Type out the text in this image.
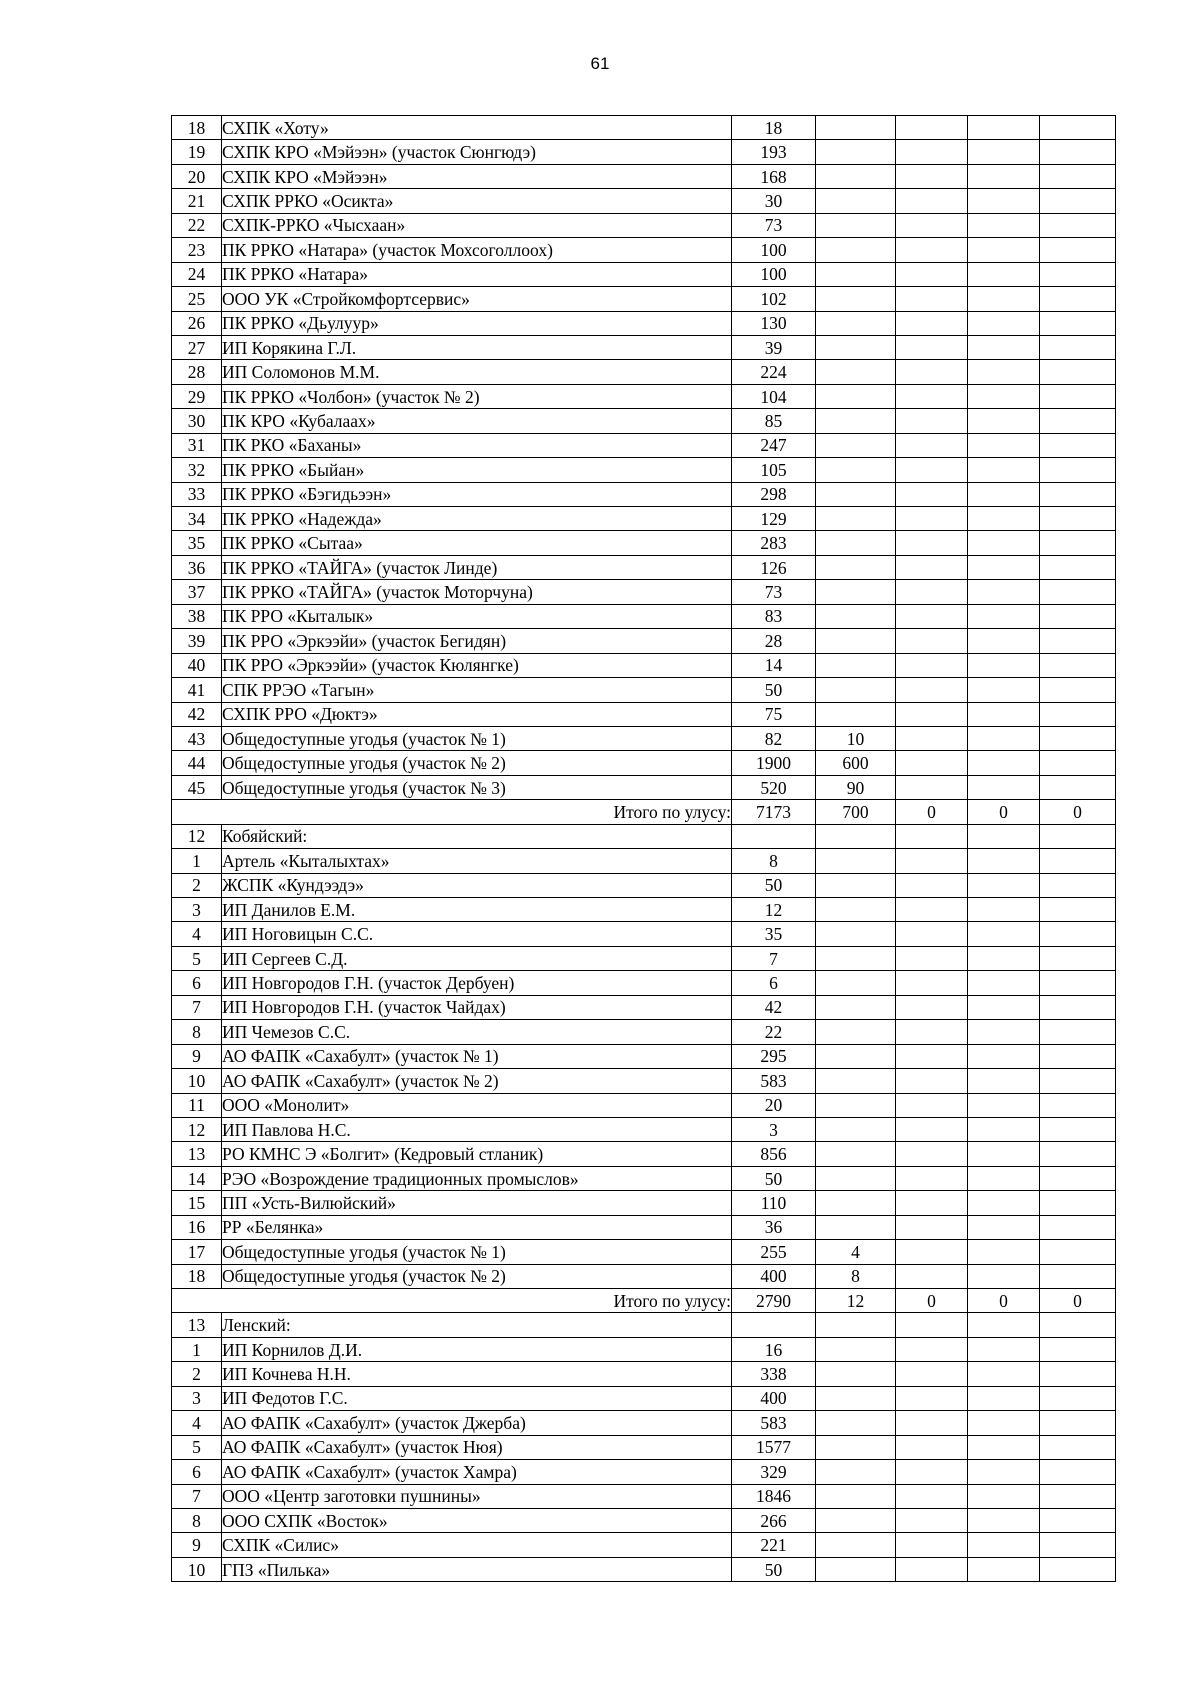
61
18	СХПК «Хоту»	18				
19	СХПК КРО «Мэйээн» (участок Сюнгюдэ)	193				
20	СХПК КРО «Мэйээн»	168				
21	СХПК РРКО «Осикта»	30				
22	СХПК-РРКО «Чысхаан»	73				
23	ПК РРКО «Натара» (участок Мохсоголлоох)	100				
24	ПК РРКО «Натара»	100				
25	ООО УК «Стройкомфортсервис»	102				
26	ПК РРКО «Дьулуур»	130				
27	ИП Корякина Г.Л.	39				
28	ИП Соломонов М.М.	224				
29	ПК РРКО «Чолбон» (участок № 2)	104				
30	ПК КРО «Кубалаах»	85				
31	ПК РКО «Баханы»	247				
32	ПК РРКО «Быйан»	105				
33	ПК РРКО «Бэгидьээн»	298				
34	ПК РРКО «Надежда»	129				
35	ПК РРКО «Сытаа»	283				
36	ПК РРКО «ТАЙГА» (участок Линде)	126				
37	ПК РРКО «ТАЙГА» (участок Моторчуна)	73				
38	ПК РРО «Кыталык»	83				
39	ПК РРО «Эркээйи» (участок Бегидян)	28				
40	ПК РРО «Эркээйи» (участок Кюлянгке)	14				
41	СПК РРЭО «Тагын»	50				
42	СХПК РРО «Дюктэ»	75				
43	Общедоступные угодья (участок № 1)	82	10			
44	Общедоступные угодья (участок № 2)	1900	600			
45	Общедоступные угодья (участок № 3)	520	90			
Итого по улусу:		7173	700	0	0	0
12	Кобяйский:					
1	Артель «Кыталыхтах»	8				
2	ЖСПК «Кундээдэ»	50				
3	ИП Данилов Е.М.	12				
4	ИП Ноговицын С.С.	35				
5	ИП Сергеев С.Д.	7				
6	ИП Новгородов Г.Н. (участок Дербуен)	6				
7	ИП Новгородов Г.Н. (участок Чайдах)	42				
8	ИП Чемезов С.С.	22				
9	АО ФАПК «Сахабулт» (участок № 1)	295				
10	АО ФАПК «Сахабулт» (участок № 2)	583				
11	ООО «Монолит»	20				
12	ИП Павлова Н.С.	3				
13	РО КМНС Э «Болгит» (Кедровый стланик)	856				
14	РЭО «Возрождение традиционных промыслов»	50				
15	ПП «Усть-Вилюйский»	110				
16	РР «Белянка»	36				
17	Общедоступные угодья (участок № 1)	255	4			
18	Общедоступные угодья (участок № 2)	400	8			
Итого по улусу:		2790	12	0	0	0
13	Ленский:					
1	ИП Корнилов Д.И.	16				
2	ИП Кочнева Н.Н.	338				
3	ИП Федотов Г.С.	400				
4	АО ФАПК «Сахабулт» (участок Джерба)	583				
5	АО ФАПК «Сахабулт» (участок Нюя)	1577				
6	АО ФАПК «Сахабулт» (участок Хамра)	329				
7	ООО «Центр заготовки пушнины»	1846				
8	ООО СХПК «Восток»	266				
9	СХПК «Силис»	221				
10	ГПЗ «Пилька»	50				
